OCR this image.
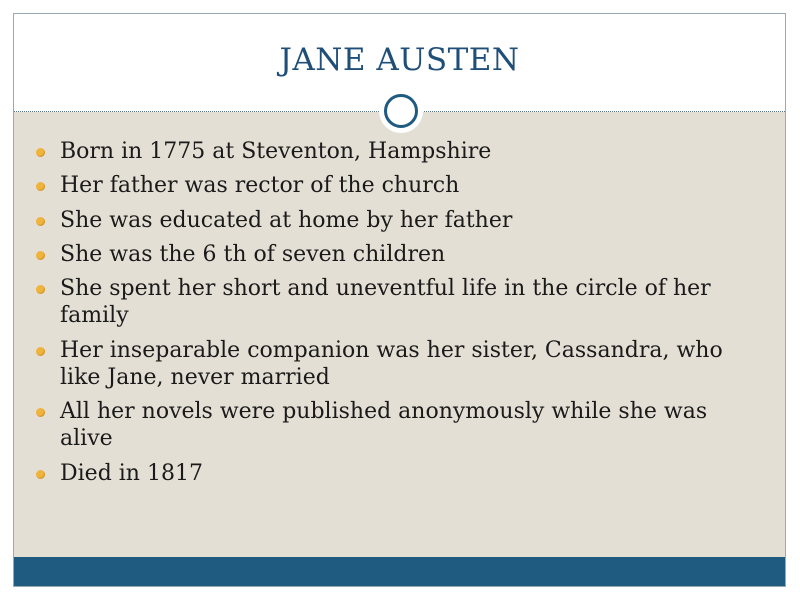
JANE AUSTEN
Born in 1775 at Steventon, Hampshire
Her father was rector of the church
She was educated at home by her father
She was the 6 th of seven children
She spent her short and uneventful life in the circle of her family
Her inseparable companion was her sister, Cassandra, who like Jane, never married
All her novels were published anonymously while she was alive
Died in 1817
